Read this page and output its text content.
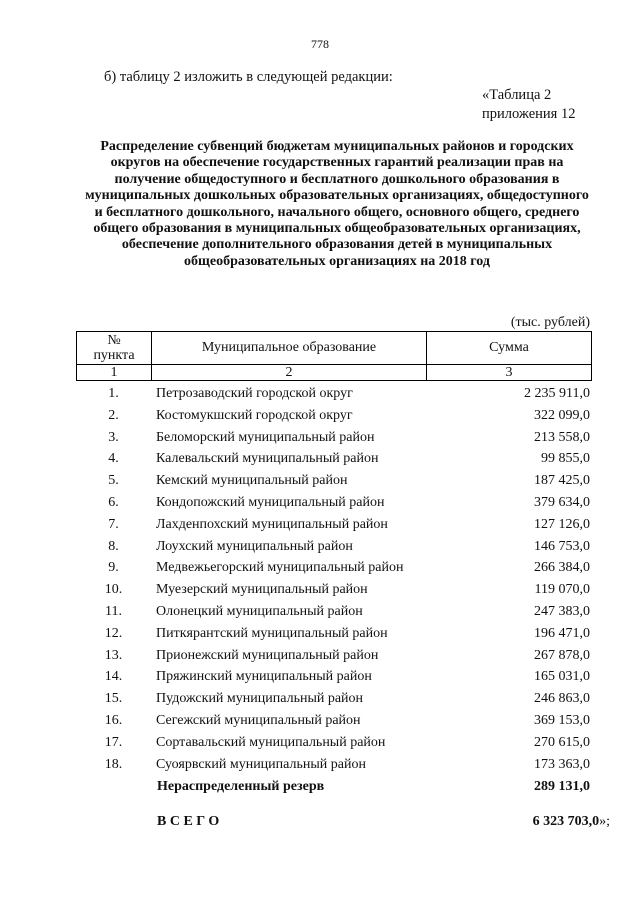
778
б) таблицу 2 изложить в следующей редакции:
«Таблица 2
приложения 12
Распределение субвенций бюджетам муниципальных районов и городских округов на обеспечение государственных гарантий реализации прав на получение общедоступного и бесплатного дошкольного образования в муниципальных дошкольных образовательных организациях, общедоступного и бесплатного дошкольного, начального общего, основного общего, среднего общего образования в муниципальных общеобразовательных организациях, обеспечение дополнительного образования детей в муниципальных общеобразовательных организациях на 2018 год
(тыс. рублей)
№
пункта	Муниципальное образование	Сумма
1	2	3
1.	Петрозаводский городской округ	2 235 911,0
2.	Костомукшский городской округ	322 099,0
3.	Беломорский муниципальный район	213 558,0
4.	Калевальский муниципальный район	99 855,0
5.	Кемский муниципальный район	187 425,0
6.	Кондопожский муниципальный район	379 634,0
7.	Лахденпохский муниципальный район	127 126,0
8.	Лоухский муниципальный район	146 753,0
9.	Медвежьегорский муниципальный район	266 384,0
10.	Муезерский муниципальный район	119 070,0
11.	Олонецкий муниципальный район	247 383,0
12.	Питкярантский муниципальный район	196 471,0
13.	Прионежский муниципальный район	267 878,0
14.	Пряжинский муниципальный район	165 031,0
15.	Пудожский муниципальный район	246 863,0
16.	Сегежский муниципальный район	369 153,0
17.	Сортавальский муниципальный район	270 615,0
18.	Суоярвский муниципальный район	173 363,0
Нераспределенный резерв	289 131,0
ВСЕГО	6 323 703,0»;
